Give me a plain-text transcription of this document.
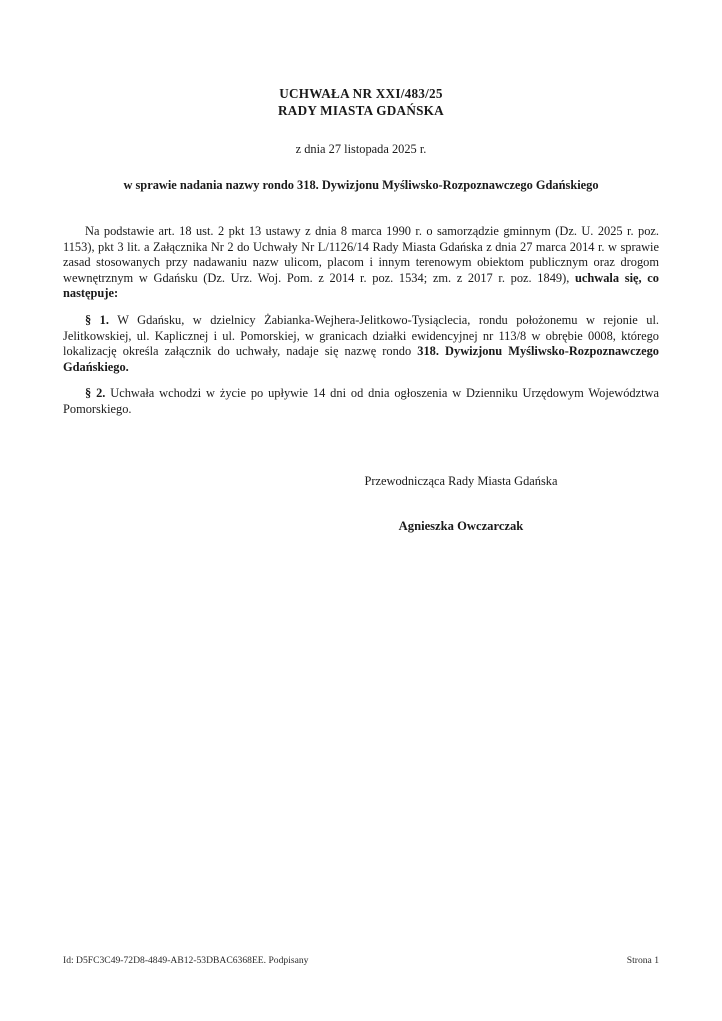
UCHWAŁA NR XXI/483/25
RADY MIASTA GDAŃSKA
z dnia 27 listopada 2025 r.
w sprawie nadania nazwy rondo 318. Dywizjonu Myśliwsko-Rozpoznawczego Gdańskiego

Na podstawie art. 18 ust. 2 pkt 13 ustawy z dnia 8 marca 1990 r. o samorządzie gminnym (Dz. U. 2025 r. poz. 1153), pkt 3 lit. a Załącznika Nr 2 do Uchwały Nr L/1126/14 Rady Miasta Gdańska z dnia 27 marca 2014 r. w sprawie zasad stosowanych przy nadawaniu nazw ulicom, placom i innym terenowym obiektom publicznym oraz drogom wewnętrznym w Gdańsku (Dz. Urz. Woj. Pom. z 2014 r. poz. 1534; zm. z 2017 r. poz. 1849), uchwala się, co następuje:

§ 1. W Gdańsku, w dzielnicy Żabianka-Wejhera-Jelitkowo-Tysiąclecia, rondu położonemu w rejonie ul. Jelitkowskiej, ul. Kaplicznej i ul. Pomorskiej, w granicach działki ewidencyjnej nr 113/8 w obrębie 0008, którego lokalizację określa załącznik do uchwały, nadaje się nazwę rondo 318. Dywizjonu Myśliwsko-Rozpoznawczego Gdańskiego.

§ 2. Uchwała wchodzi w życie po upływie 14 dni od dnia ogłoszenia w Dzienniku Urzędowym Województwa Pomorskiego.

Przewodnicząca Rady Miasta Gdańska
Agnieszka Owczarczak
Id: D5FC3C49-72D8-4849-AB12-53DBAC6368EE. Podpisany	Strona 1
